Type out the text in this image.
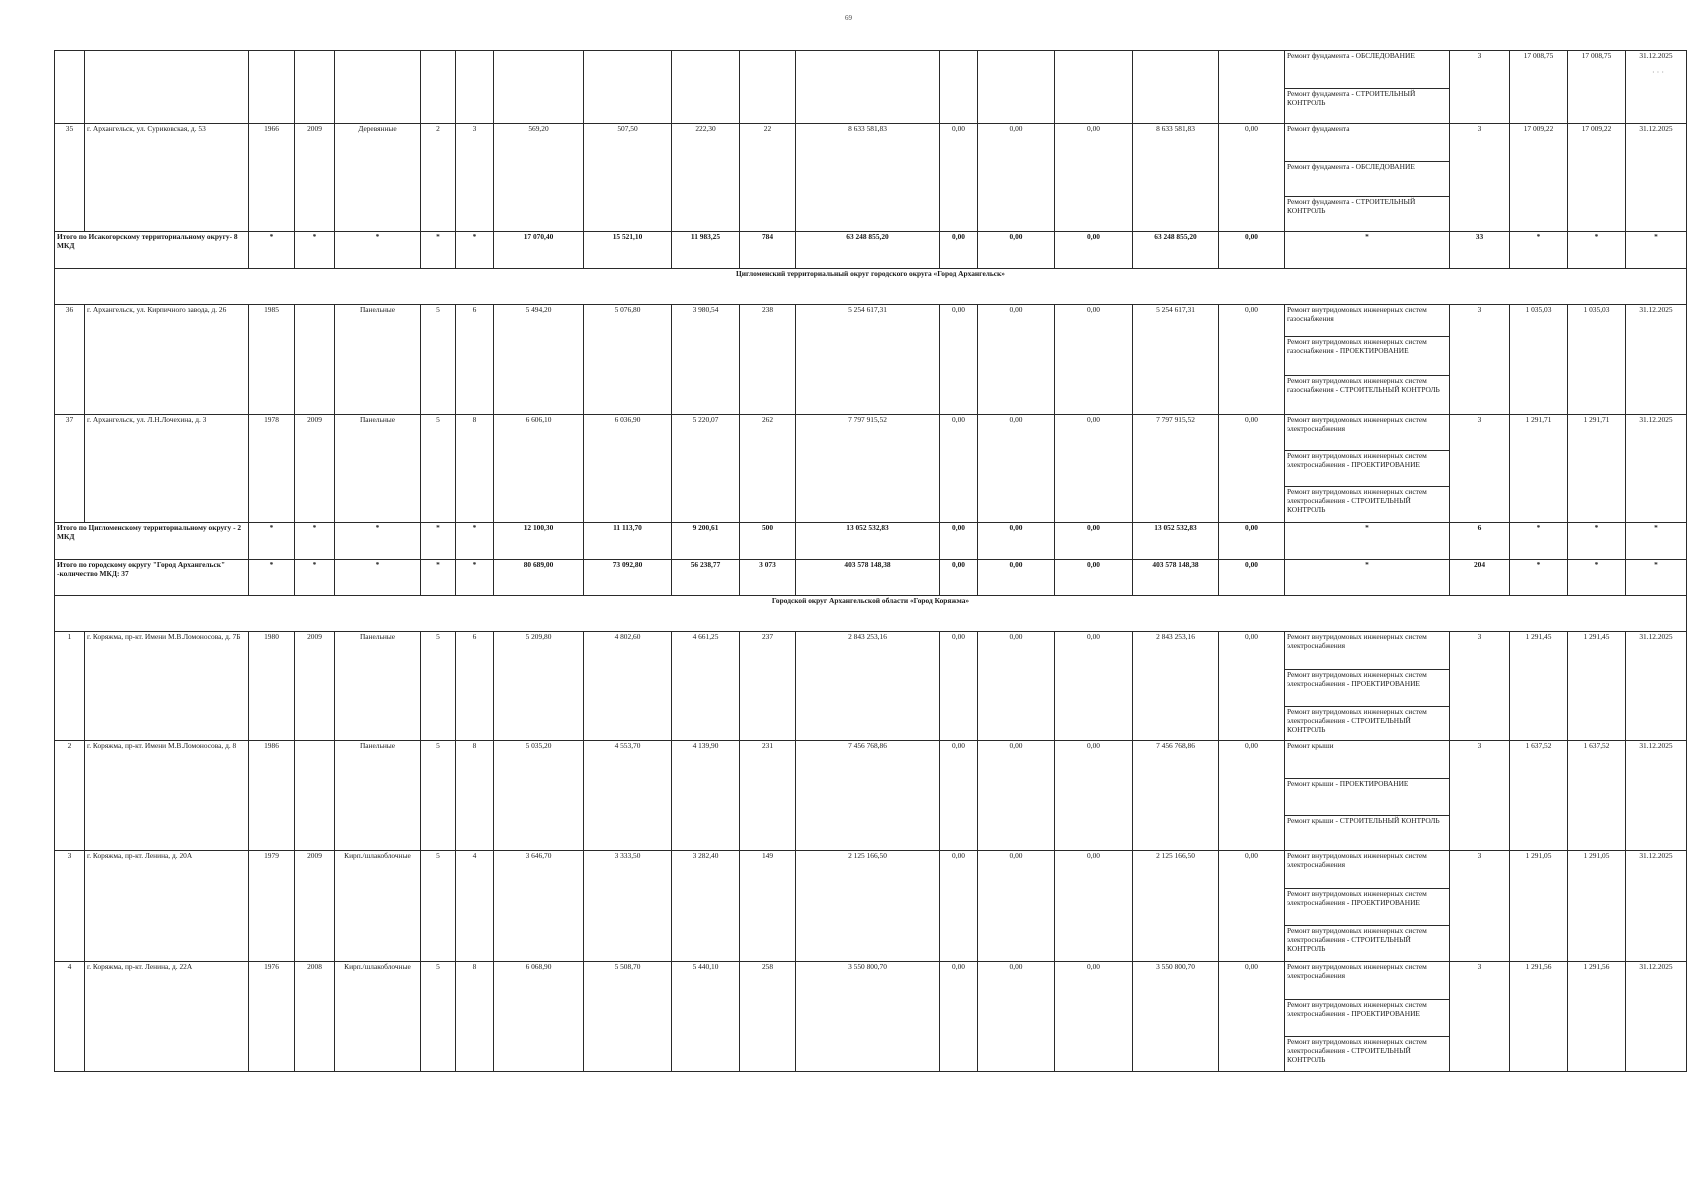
69
																	Ремонт фундамента - ОБСЛЕДОВАНИЕ	3	17 008,75	17 008,75	31.12.2025
																	Ремонт фундамента - СТРОИТЕЛЬНЫЙ КОНТРОЛЬ				
35	г. Архангельск, ул. Суриковская, д. 53	1966	2009	Деревянные	2	3	569,20	507,50	222,30	22	8 633 581,83	0,00	0,00	0,00	8 633 581,83	0,00	Ремонт фундамента	3	17 009,22	17 009,22	31.12.2025
																	Ремонт фундамента - ОБСЛЕДОВАНИЕ				
																	Ремонт фундамента - СТРОИТЕЛЬНЫЙ КОНТРОЛЬ				
Итого по Исакогорскому территориальному округу- 8 МКД		*	*	*	*	*	17 070,40	15 521,10	11 983,25	784	63 248 855,20	0,00	0,00	0,00	63 248 855,20	0,00	*	33	*	*	*
Цигломенский территориальный округ городского округа «Город Архангельск»																					
36	г. Архангельск, ул. Кирпичного завода, д. 26	1985		Панельные	5	6	5 494,20	5 076,80	3 980,54	238	5 254 617,31	0,00	0,00	0,00	5 254 617,31	0,00	Ремонт внутридомовых инженерных систем газоснабжения	3	1 035,03	1 035,03	31.12.2025
																	Ремонт внутридомовых инженерных систем газоснабжения - ПРОЕКТИРОВАНИЕ				
																	Ремонт внутридомовых инженерных систем газоснабжения - СТРОИТЕЛЬНЫЙ КОНТРОЛЬ				
37	г. Архангельск, ул. Л.Н.Лочехина, д. 3	1978	2009	Панельные	5	8	6 606,10	6 036,90	5 220,07	262	7 797 915,52	0,00	0,00	0,00	7 797 915,52	0,00	Ремонт внутридомовых инженерных систем электроснабжения	3	1 291,71	1 291,71	31.12.2025
																	Ремонт внутридомовых инженерных систем электроснабжения - ПРОЕКТИРОВАНИЕ				
																	Ремонт внутридомовых инженерных систем электроснабжения - СТРОИТЕЛЬНЫЙ КОНТРОЛЬ				
Итого по Цигломенскому территориальному округу - 2 МКД		*	*	*	*	*	12 100,30	11 113,70	9 200,61	500	13 052 532,83	0,00	0,00	0,00	13 052 532,83	0,00	*	6	*	*	*
Итого по городскому округу "Город Архангельск" -количество МКД: 37		*	*	*	*	*	80 689,00	73 092,80	56 238,77	3 073	403 578 148,38	0,00	0,00	0,00	403 578 148,38	0,00	*	204	*	*	*
Городской округ Архангельской области «Город Коряжма»																					
1	г. Коряжма, пр-кт. Имени М.В.Ломоносова, д. 7Б	1980	2009	Панельные	5	6	5 209,80	4 802,60	4 661,25	237	2 843 253,16	0,00	0,00	0,00	2 843 253,16	0,00	Ремонт внутридомовых инженерных систем электроснабжения	3	1 291,45	1 291,45	31.12.2025
																	Ремонт внутридомовых инженерных систем электроснабжения - ПРОЕКТИРОВАНИЕ				
																	Ремонт внутридомовых инженерных систем электроснабжения - СТРОИТЕЛЬНЫЙ КОНТРОЛЬ				
2	г. Коряжма, пр-кт. Имени М.В.Ломоносова, д. 8	1986		Панельные	5	8	5 035,20	4 553,70	4 139,90	231	7 456 768,86	0,00	0,00	0,00	7 456 768,86	0,00	Ремонт крыши	3	1 637,52	1 637,52	31.12.2025
																	Ремонт крыши - ПРОЕКТИРОВАНИЕ				
																	Ремонт крыши - СТРОИТЕЛЬНЫЙ КОНТРОЛЬ				
3	г. Коряжма, пр-кт. Ленина, д. 20А	1979	2009	Кирп./шлакоблочные	5	4	3 646,70	3 333,50	3 282,40	149	2 125 166,50	0,00	0,00	0,00	2 125 166,50	0,00	Ремонт внутридомовых инженерных систем электроснабжения	3	1 291,05	1 291,05	31.12.2025
																	Ремонт внутридомовых инженерных систем электроснабжения - ПРОЕКТИРОВАНИЕ				
																	Ремонт внутридомовых инженерных систем электроснабжения - СТРОИТЕЛЬНЫЙ КОНТРОЛЬ				
4	г. Коряжма, пр-кт. Ленина, д. 22А	1976	2008	Кирп./шлакоблочные	5	8	6 068,90	5 508,70	5 440,10	258	3 550 800,70	0,00	0,00	0,00	3 550 800,70	0,00	Ремонт внутридомовых инженерных систем электроснабжения	3	1 291,56	1 291,56	31.12.2025
																	Ремонт внутридомовых инженерных систем электроснабжения - ПРОЕКТИРОВАНИЕ				
																	Ремонт внутридомовых инженерных систем электроснабжения - СТРОИТЕЛЬНЫЙ КОНТРОЛЬ				
· · ·
